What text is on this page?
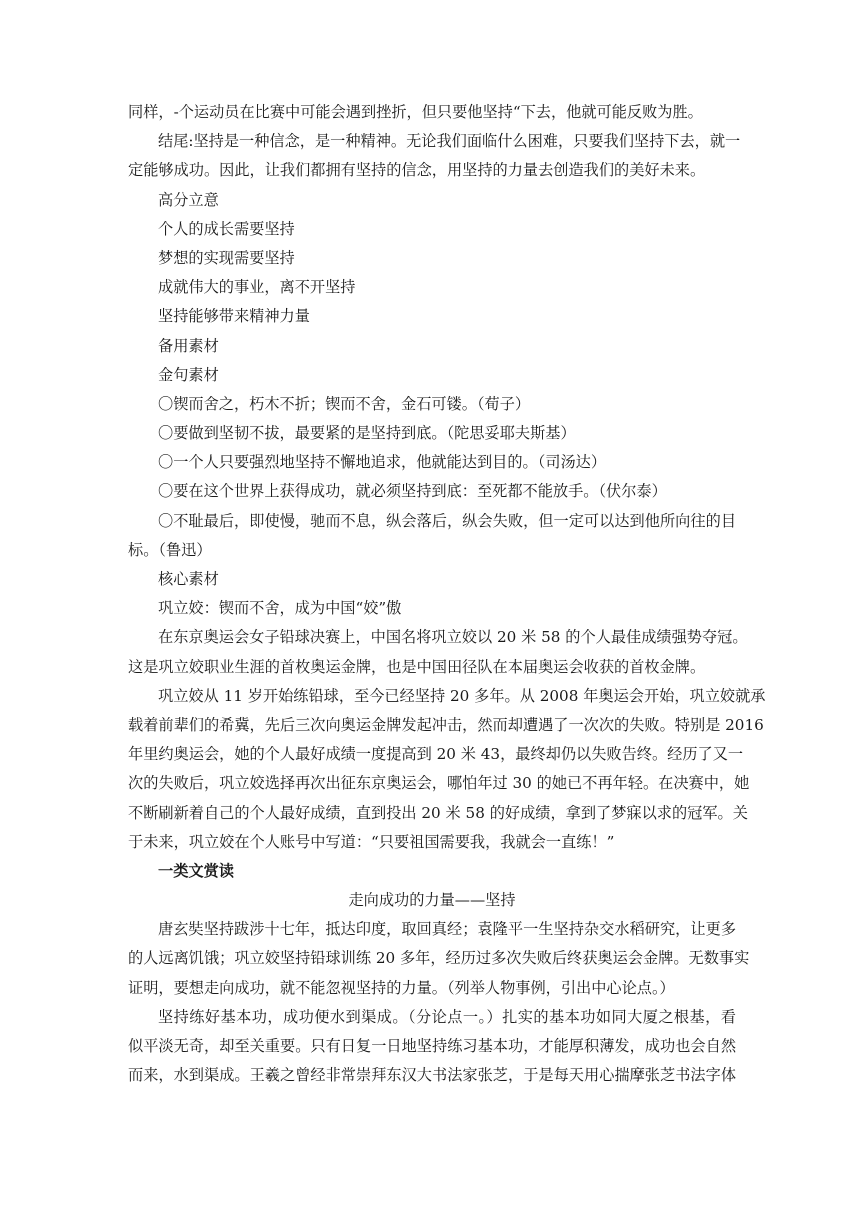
同样，-个运动员在比赛中可能会遇到挫折，但只要他坚持“下去，他就可能反败为胜。
结尾:坚持是一种信念，是一种精神。无论我们面临什么困难，只要我们坚持下去，就一
定能够成功。因此，让我们都拥有坚持的信念，用坚持的力量去创造我们的美好未来。
高分立意
个人的成长需要坚持
梦想的实现需要坚持
成就伟大的事业，离不开坚持
坚持能够带来精神力量
备用素材
金句素材
〇锲而舍之，朽木不折；锲而不舍，金石可镂。（荀子）
〇要做到坚韧不拔，最要紧的是坚持到底。（陀思妥耶夫斯基）
〇一个人只要强烈地坚持不懈地追求，他就能达到目的。（司汤达）
〇要在这个世界上获得成功，就必须坚持到底：至死都不能放手。（伏尔泰）
〇不耻最后，即使慢，驰而不息，纵会落后，纵会失败，但一定可以达到他所向往的目
标。（鲁迅）
核心素材
巩立姣：锲而不舍，成为中国“姣”傲
在东京奥运会女子铅球决赛上，中国名将巩立姣以 20 米 58 的个人最佳成绩强势夺冠。
这是巩立姣职业生涯的首枚奥运金牌，也是中国田径队在本届奥运会收获的首枚金牌。
巩立姣从 11 岁开始练铅球，至今已经坚持 20 多年。从 2008 年奥运会开始，巩立姣就承
载着前辈们的希冀，先后三次向奥运金牌发起冲击，然而却遭遇了一次次的失败。特别是 2016
年里约奥运会，她的个人最好成绩一度提高到 20 米 43，最终却仍以失败告终。经历了又一
次的失败后，巩立姣选择再次出征东京奥运会，哪怕年过 30 的她已不再年轻。在决赛中，她
不断刷新着自己的个人最好成绩，直到投出 20 米 58 的好成绩，拿到了梦寐以求的冠军。关
于未来，巩立姣在个人账号中写道：“只要祖国需要我，我就会一直练！”
一类文赏读
走向成功的力量——坚持
唐玄奘坚持跋涉十七年，抵达印度，取回真经；袁隆平一生坚持杂交水稻研究，让更多
的人远离饥饿；巩立姣坚持铅球训练 20 多年，经历过多次失败后终获奥运会金牌。无数事实
证明，要想走向成功，就不能忽视坚持的力量。（列举人物事例，引出中心论点。）
坚持练好基本功，成功便水到渠成。（分论点一。）扎实的基本功如同大厦之根基，看
似平淡无奇，却至关重要。只有日复一日地坚持练习基本功，才能厚积薄发，成功也会自然
而来，水到渠成。王羲之曾经非常崇拜东汉大书法家张芝，于是每天用心揣摩张芝书法字体
